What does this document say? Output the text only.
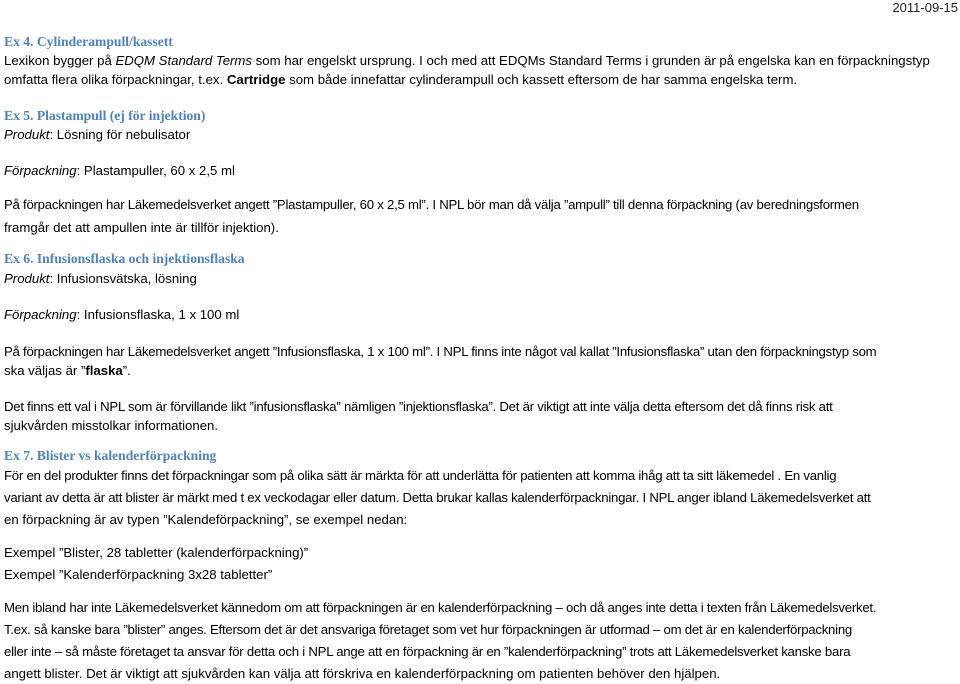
2011-09-15

Ex 4. Cylinderampull/kassett

Lexikon bygger på EDQM Standard Terms som har engelskt ursprung. I och med att EDQMs Standard Terms i grunden är på engelska kan en förpackningstyp

omfatta flera olika förpackningar, t.ex. Cartridge som både innefattar cylinderampull och kassett eftersom de har samma engelska term.

Ex 5. Plastampull (ej för injektion)

Produkt: Lösning för nebulisator

Förpackning: Plastampuller, 60 x 2,5 ml

På förpackningen har Läkemedelsverket angett ”Plastampuller, 60 x 2,5 ml”. I NPL bör man då välja ”ampull” till denna förpackning (av beredningsformen

framgår det att ampullen inte är tillför injektion).

Ex 6. Infusionsflaska och injektionsflaska

Produkt: Infusionsvätska, lösning

Förpackning: Infusionsflaska, 1 x 100 ml

På förpackningen har Läkemedelsverket angett ”Infusionsflaska, 1 x 100 ml”. I NPL finns inte något val kallat ”Infusionsflaska” utan den förpackningstyp som

ska väljas är ”flaska”.

Det finns ett val i NPL som är förvillande likt ”infusionsflaska” nämligen ”injektionsflaska”. Det är viktigt att inte välja detta eftersom det då finns risk att

sjukvården misstolkar informationen.

Ex 7. Blister vs kalenderförpackning

För en del produkter finns det förpackningar som på olika sätt är märkta för att underlätta för patienten att komma ihåg att ta sitt läkemedel . En vanlig

variant av detta är att blister är märkt med t ex veckodagar eller datum. Detta brukar kallas kalenderförpackningar. I NPL anger ibland Läkemedelsverket att

en förpackning är av typen ”Kalendeförpackning”, se exempel nedan:

Exempel ”Blister, 28 tabletter (kalenderförpackning)”

Exempel ”Kalenderförpackning 3x28 tabletter”

Men ibland har inte Läkemedelsverket kännedom om att förpackningen är en kalenderförpackning – och då anges inte detta i texten från Läkemedelsverket.

T.ex. så kanske bara ”blister” anges. Eftersom det är det ansvariga företaget som vet hur förpackningen är utformad – om det är en kalenderförpackning

eller inte – så måste företaget ta ansvar för detta och i NPL ange att en förpackning är en ”kalenderförpackning” trots att Läkemedelsverket kanske bara

angett blister. Det är viktigt att sjukvården kan välja att förskriva en kalenderförpackning om patienten behöver den hjälpen.
